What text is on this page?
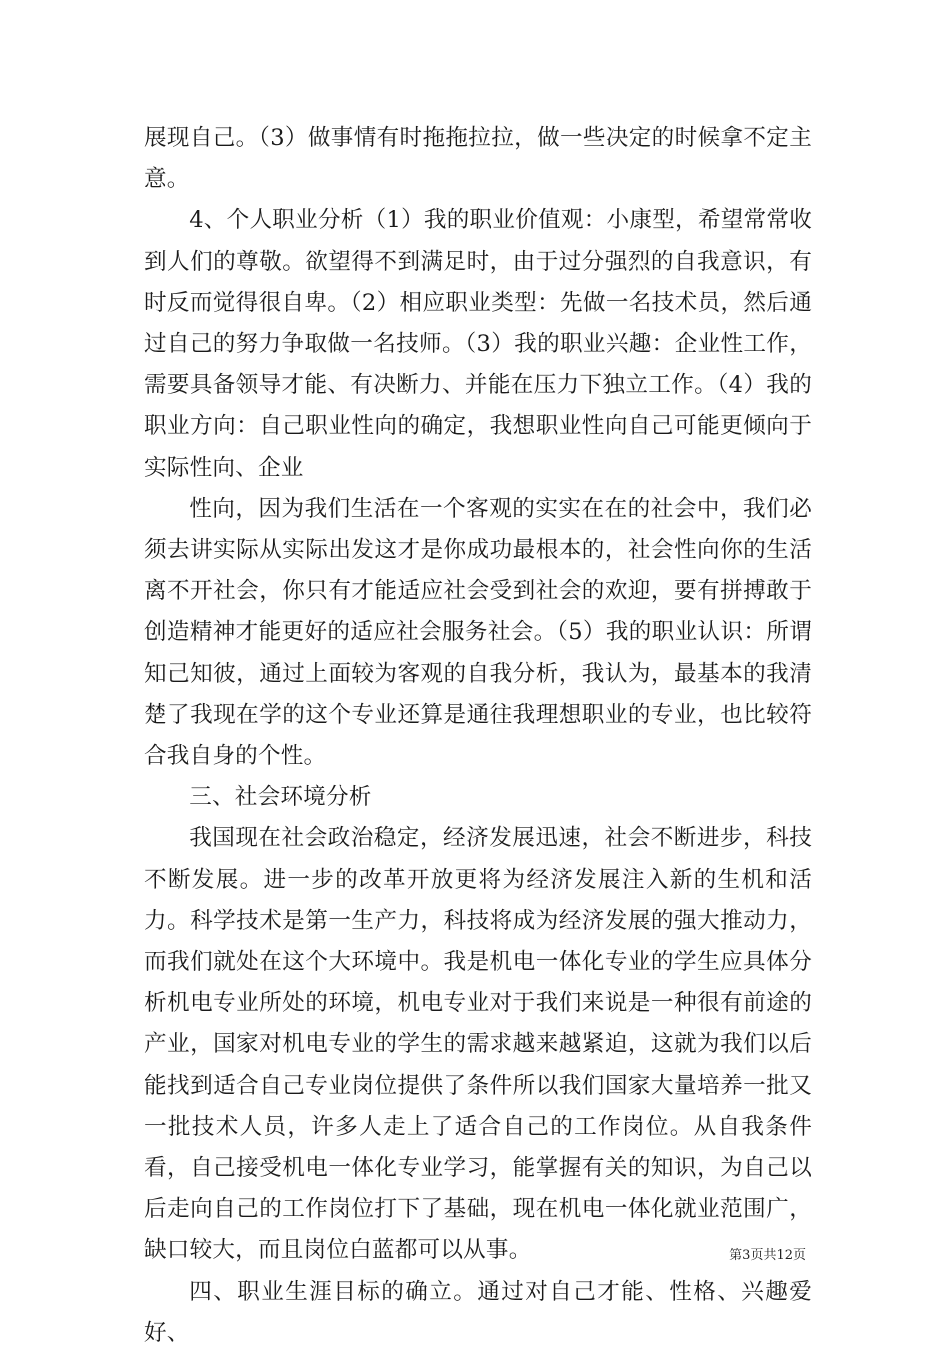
展现自己。（3）做事情有时拖拖拉拉，做一些决定的时候拿不定主意。

4、个人职业分析（1）我的职业价值观：小康型，希望常常收到人们的尊敬。欲望得不到满足时，由于过分强烈的自我意识，有时反而觉得很自卑。（2）相应职业类型：先做一名技术员，然后通过自己的努力争取做一名技师。（3）我的职业兴趣：企业性工作，需要具备领导才能、有决断力、并能在压力下独立工作。（4）我的职业方向：自己职业性向的确定，我想职业性向自己可能更倾向于实际性向、企业

性向，因为我们生活在一个客观的实实在在的社会中，我们必须去讲实际从实际出发这才是你成功最根本的，社会性向你的生活离不开社会，你只有才能适应社会受到社会的欢迎，要有拼搏敢于创造精神才能更好的适应社会服务社会。（5）我的职业认识：所谓知己知彼，通过上面较为客观的自我分析，我认为，最基本的我清楚了我现在学的这个专业还算是通往我理想职业的专业，也比较符合我自身的个性。

三、社会环境分析

我国现在社会政治稳定，经济发展迅速，社会不断进步，科技不断发展。进一步的改革开放更将为经济发展注入新的生机和活力。科学技术是第一生产力，科技将成为经济发展的强大推动力，而我们就处在这个大环境中。我是机电一体化专业的学生应具体分析机电专业所处的环境，机电专业对于我们来说是一种很有前途的产业，国家对机电专业的学生的需求越来越紧迫，这就为我们以后能找到适合自己专业岗位提供了条件所以我们国家大量培养一批又一批技术人员，许多人走上了适合自己的工作岗位。从自我条件看，自己接受机电一体化专业学习，能掌握有关的知识，为自己以后走向自己的工作岗位打下了基础，现在机电一体化就业范围广，缺口较大，而且岗位白蓝都可以从事。

四、职业生涯目标的确立。通过对自己才能、性格、兴趣爱好、

第3页共12页
